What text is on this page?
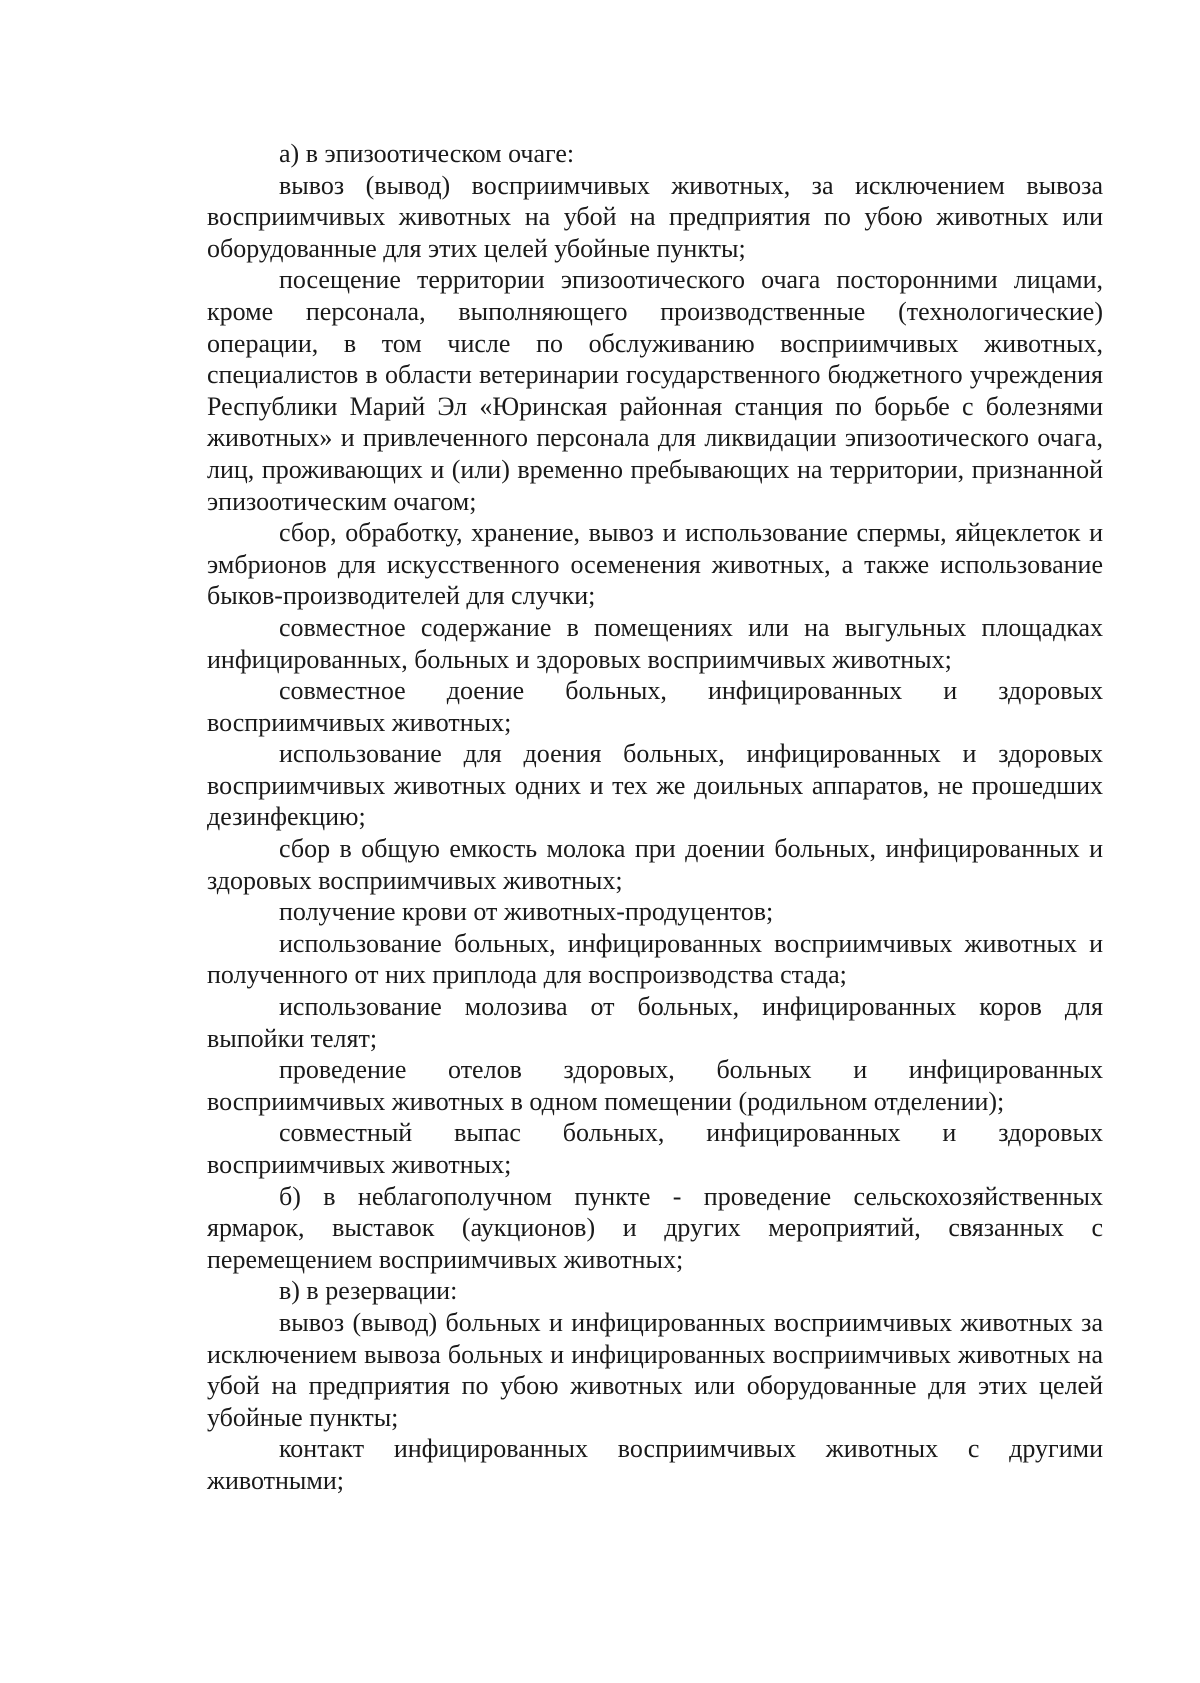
а) в эпизоотическом очаге:

вывоз (вывод) восприимчивых животных, за исключением вывоза восприимчивых животных на убой на предприятия по убою животных или оборудованные для этих целей убойные пункты;

посещение территории эпизоотического очага посторонними лицами, кроме персонала, выполняющего производственные (технологические) операции, в том числе по обслуживанию восприимчивых животных, специалистов в области ветеринарии государственного бюджетного учреждения Республики Марий Эл «Юринская районная станция по борьбе с болезнями животных» и привлеченного персонала для ликвидации эпизоотического очага, лиц, проживающих и (или) временно пребывающих на территории, признанной эпизоотическим очагом;

сбор, обработку, хранение, вывоз и использование спермы, яйцеклеток и эмбрионов для искусственного осеменения животных, а также использование быков-производителей для случки;

совместное содержание в помещениях или на выгульных площадках инфицированных, больных и здоровых восприимчивых животных;

совместное доение больных, инфицированных и здоровых восприимчивых животных;

использование для доения больных, инфицированных и здоровых восприимчивых животных одних и тех же доильных аппаратов, не прошедших дезинфекцию;

сбор в общую емкость молока при доении больных, инфицированных и здоровых восприимчивых животных;

получение крови от животных-продуцентов;

использование больных, инфицированных восприимчивых животных и полученного от них приплода для воспроизводства стада;

использование молозива от больных, инфицированных коров для выпойки телят;

проведение отелов здоровых, больных и инфицированных восприимчивых животных в одном помещении (родильном отделении);

совместный выпас больных, инфицированных и здоровых восприимчивых животных;

б) в неблагополучном пункте - проведение сельскохозяйственных ярмарок, выставок (аукционов) и других мероприятий, связанных с перемещением восприимчивых животных;

в) в резервации:

вывоз (вывод) больных и инфицированных восприимчивых животных за исключением вывоза больных и инфицированных восприимчивых животных на убой на предприятия по убою животных или оборудованные для этих целей убойные пункты;

контакт инфицированных восприимчивых животных с другими животными;
